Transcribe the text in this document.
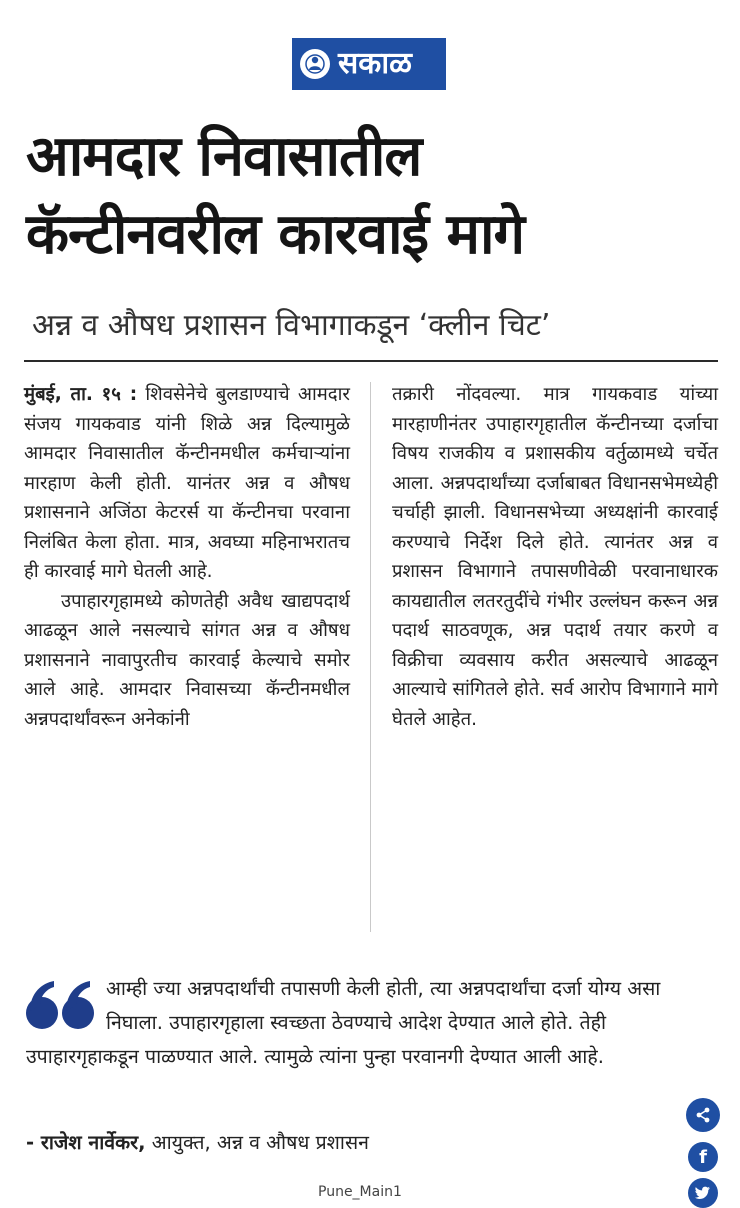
सकाळ
आमदार निवासातील
कॅन्टीनवरील कारवाई मागे
अन्न व औषध प्रशासन विभागाकडून ‘क्लीन चिट’

मुंबई, ता. १५ : शिवसेनेचे बुलडाण्याचे आमदार संजय गायकवाड यांनी शिळे अन्न दिल्यामुळे आमदार निवासातील कॅन्टीनमधील कर्मचाऱ्यांना मारहाण केली होती. यानंतर अन्न व औषध प्रशासनाने अजिंठा केटरर्स या कॅन्टीनचा परवाना निलंबित केला होता. मात्र, अवघ्या महिनाभरातच ही कारवाई मागे घेतली आहे.

उपाहारगृहामध्ये कोणतेही अवैध खाद्यपदार्थ आढळून आले नसल्याचे सांगत अन्न व औषध प्रशासनाने नावापुरतीच कारवाई केल्याचे समोर आले आहे. आमदार निवासच्या कॅन्टीनमधील अन्नपदार्थांवरून अनेकांनी

तक्रारी नोंदवल्या. मात्र गायकवाड यांच्या मारहाणीनंतर उपाहारगृहातील कॅन्टीनच्या दर्जाचा विषय राजकीय व प्रशासकीय वर्तुळामध्ये चर्चेत आला. अन्नपदार्थांच्या दर्जाबाबत विधानसभेमध्येही चर्चाही झाली. विधानसभेच्या अध्यक्षांनी कारवाई करण्याचे निर्देश दिले होते. त्यानंतर अन्न व प्रशासन विभागाने तपासणीवेळी परवानाधारक कायद्यातील लतरतुदींचे गंभीर उल्लंघन करून अन्न पदार्थ साठवणूक, अन्न पदार्थ तयार करणे व विक्रीचा व्यवसाय करीत असल्याचे आढळून आल्याचे सांगितले होते. सर्व आरोप विभागाने मागे घेतले आहेत.

आम्ही ज्या अन्नपदार्थांची तपासणी केली होती, त्या अन्नपदार्थांचा दर्जा योग्य असा निघाला. उपाहारगृहाला स्वच्छता ठेवण्याचे आदेश देण्यात आले होते. तेही उपाहारगृहाकडून पाळण्यात आले. त्यामुळे त्यांना पुन्हा परवानगी देण्यात आली आहे.
- राजेश नार्वेकर, आयुक्त, अन्न व औषध प्रशासन
Pune_Main1
f
